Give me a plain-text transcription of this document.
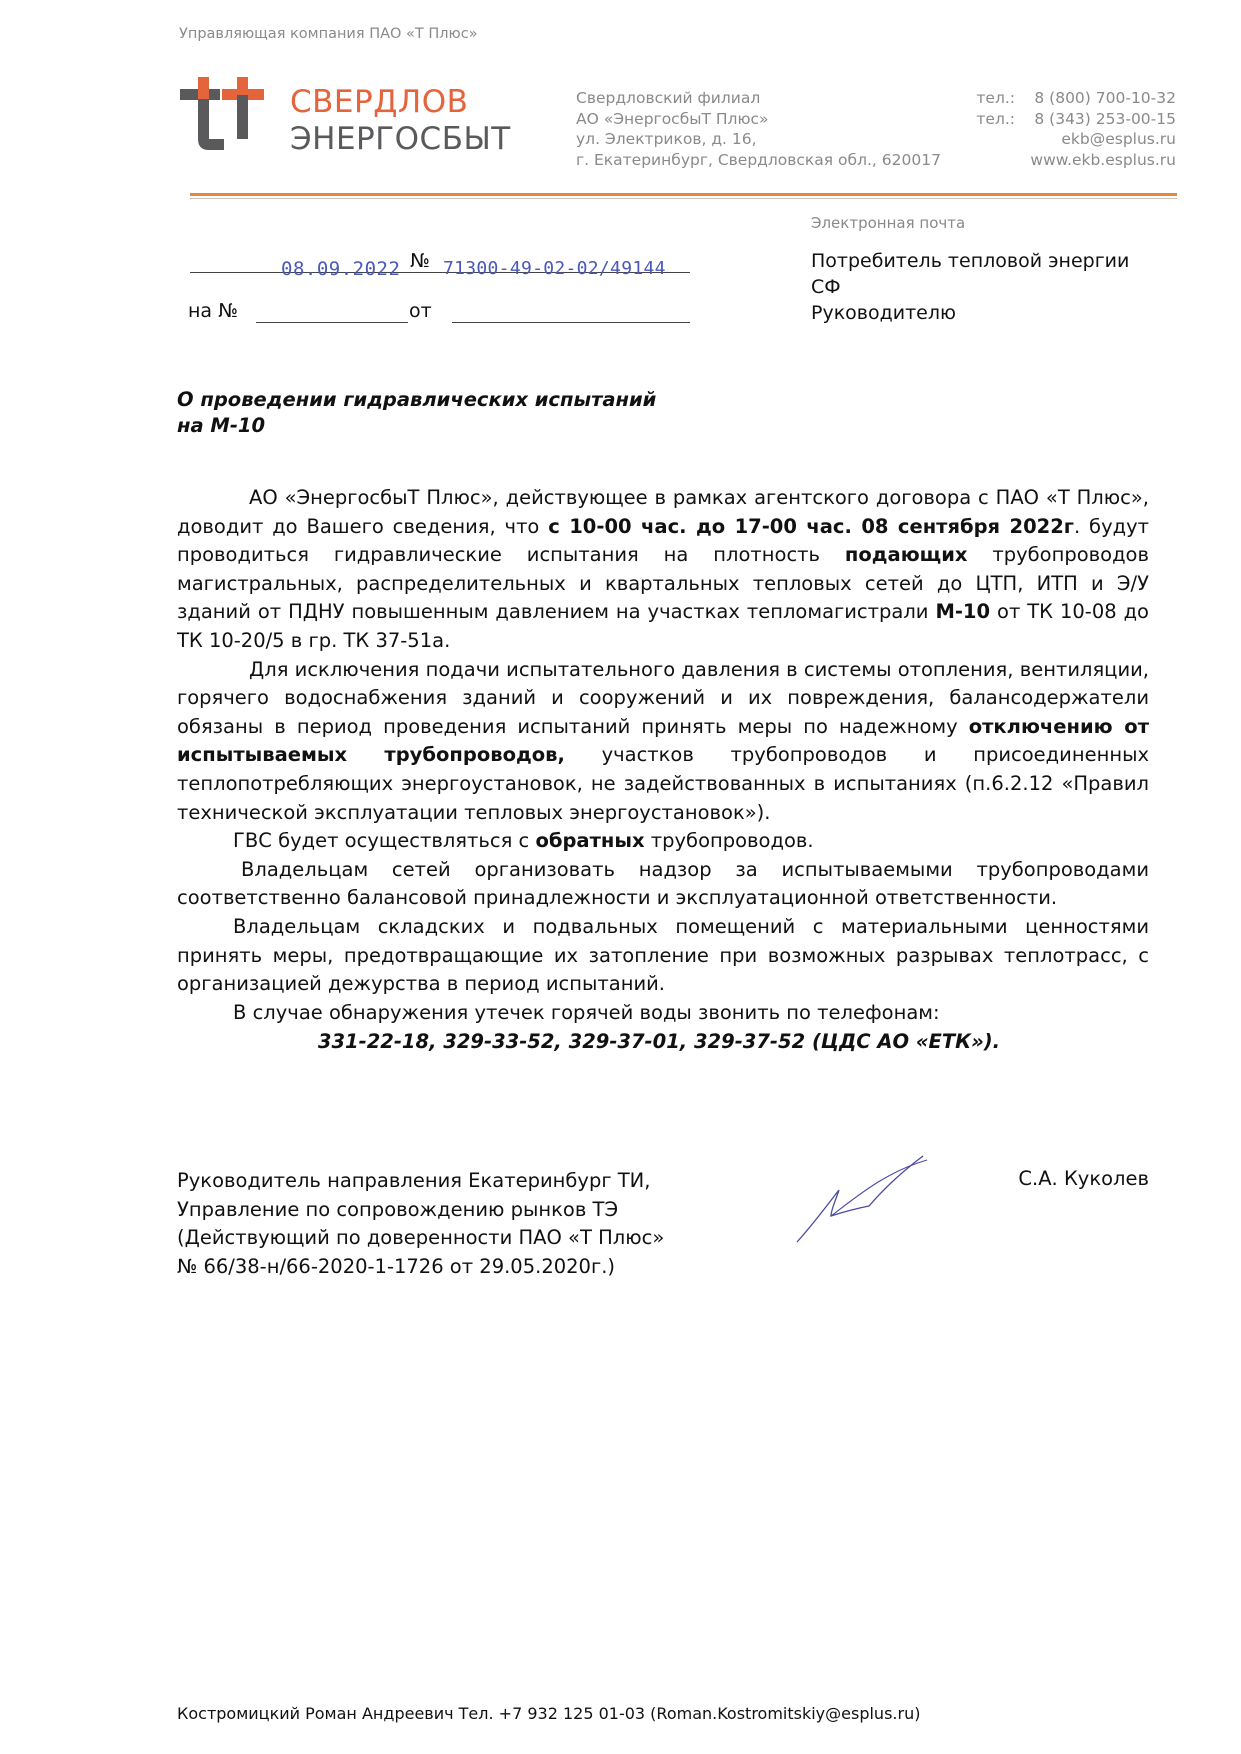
Управляющая компания ПАО «Т Плюс»
СВЕРДЛОВ
ЭНЕРГОСБЫТ
Свердловский филиал
АО «ЭнергосбыТ Плюс»
ул. Электриков, д. 16,
г. Екатеринбург, Свердловская обл., 620017
тел.: 8 (800) 700-10-32
тел.: 8 (343) 253-00-15
ekb@esplus.ru
www.ekb.esplus.ru
Электронная почта
08.09.2022 № 71300-49-02-02/49144
на №	от
Потребитель тепловой энергии
СФ
Руководителю
О проведении гидравлических испытаний
на М-10

АО «ЭнергосбыТ Плюс», действующее в рамках агентского договора с ПАО «Т Плюс», доводит до Вашего сведения, что с 10-00 час. до 17-00 час. 08 сентября 2022г. будут проводиться гидравлические испытания на плотность подающих трубопроводов магистральных, распределительных и квартальных тепловых сетей до ЦТП, ИТП и Э/У зданий от ПДНУ повышенным давлением на участках тепломагистрали М-10 от ТК 10-08 до ТК 10-20/5 в гр. ТК 37-51а.

Для исключения подачи испытательного давления в системы отопления, вентиляции, горячего водоснабжения зданий и сооружений и их повреждения, балансодержатели обязаны в период проведения испытаний принять меры по надежному отключению от испытываемых трубопроводов, участков трубопроводов и присоединенных теплопотребляющих энергоустановок, не задействованных в испытаниях (п.6.2.12 «Правил технической эксплуатации тепловых энергоустановок»).

ГВС будет осуществляться с обратных трубопроводов.

Владельцам сетей организовать надзор за испытываемыми трубопроводами соответственно балансовой принадлежности и эксплуатационной ответственности.

Владельцам складских и подвальных помещений с материальными ценностями принять меры, предотвращающие их затопление при возможных разрывах теплотрасс, с организацией дежурства в период испытаний.

В случае обнаружения утечек горячей воды звонить по телефонам:

331-22-18, 329-33-52, 329-37-01, 329-37-52 (ЦДС АО «ЕТК»).
Руководитель направления Екатеринбург ТИ,
Управление по сопровождению рынков ТЭ
(Действующий по доверенности ПАО «Т Плюс»
№ 66/38-н/66-2020-1-1726 от 29.05.2020г.)
С.А. Куколев
Костромицкий Роман Андреевич Тел. +7 932 125 01-03 (Roman.Kostromitskiy@esplus.ru)
